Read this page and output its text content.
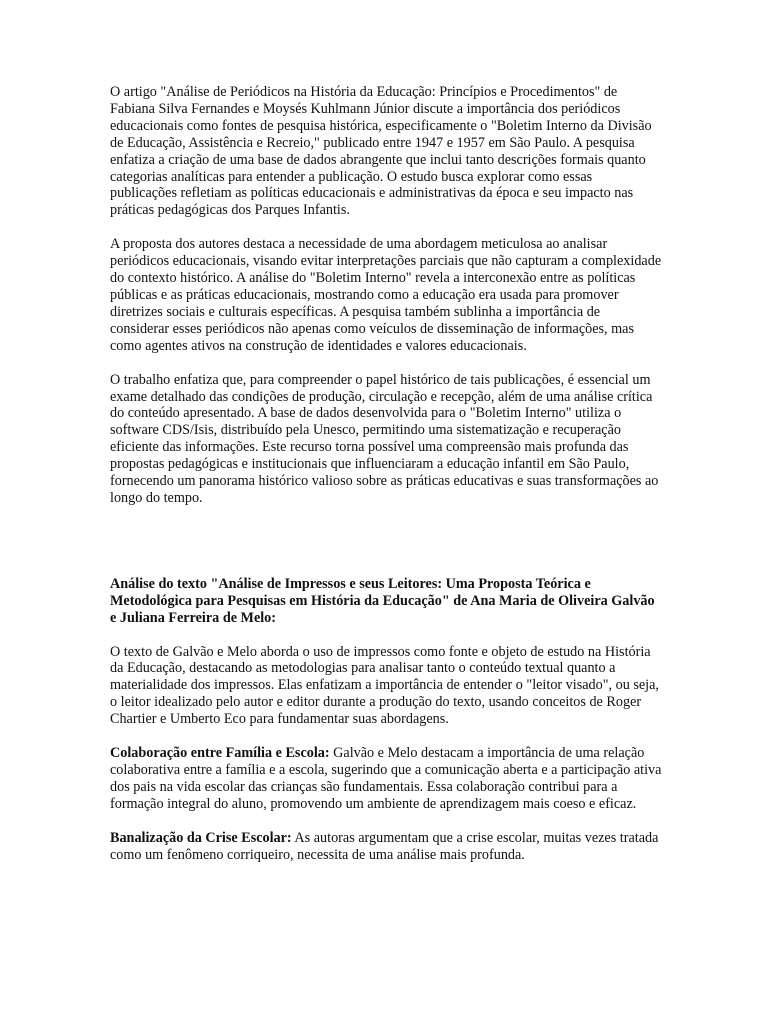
O artigo "Análise de Periódicos na História da Educação: Princípios e Procedimentos" de Fabiana Silva Fernandes e Moysés Kuhlmann Júnior discute a importância dos periódicos educacionais como fontes de pesquisa histórica, especificamente o "Boletim Interno da Divisão de Educação, Assistência e Recreio," publicado entre 1947 e 1957 em São Paulo. A pesquisa enfatiza a criação de uma base de dados abrangente que inclui tanto descrições formais quanto categorias analíticas para entender a publicação. O estudo busca explorar como essas publicações refletiam as políticas educacionais e administrativas da época e seu impacto nas práticas pedagógicas dos Parques Infantis.

A proposta dos autores destaca a necessidade de uma abordagem meticulosa ao analisar periódicos educacionais, visando evitar interpretações parciais que não capturam a complexidade do contexto histórico. A análise do "Boletim Interno" revela a interconexão entre as políticas públicas e as práticas educacionais, mostrando como a educação era usada para promover diretrizes sociais e culturais específicas. A pesquisa também sublinha a importância de considerar esses periódicos não apenas como veículos de disseminação de informações, mas como agentes ativos na construção de identidades e valores educacionais.

O trabalho enfatiza que, para compreender o papel histórico de tais publicações, é essencial um exame detalhado das condições de produção, circulação e recepção, além de uma análise crítica do conteúdo apresentado. A base de dados desenvolvida para o "Boletim Interno" utiliza o software CDS/Isis, distribuído pela Unesco, permitindo uma sistematização e recuperação eficiente das informações. Este recurso torna possível uma compreensão mais profunda das propostas pedagógicas e institucionais que influenciaram a educação infantil em São Paulo, fornecendo um panorama histórico valioso sobre as práticas educativas e suas transformações ao longo do tempo.

Análise do texto "Análise de Impressos e seus Leitores: Uma Proposta Teórica e Metodológica para Pesquisas em História da Educação" de Ana Maria de Oliveira Galvão e Juliana Ferreira de Melo:

O texto de Galvão e Melo aborda o uso de impressos como fonte e objeto de estudo na História da Educação, destacando as metodologias para analisar tanto o conteúdo textual quanto a materialidade dos impressos. Elas enfatizam a importância de entender o "leitor visado", ou seja, o leitor idealizado pelo autor e editor durante a produção do texto, usando conceitos de Roger Chartier e Umberto Eco para fundamentar suas abordagens.

Colaboração entre Família e Escola: Galvão e Melo destacam a importância de uma relação colaborativa entre a família e a escola, sugerindo que a comunicação aberta e a participação ativa dos pais na vida escolar das crianças são fundamentais. Essa colaboração contribui para a formação integral do aluno, promovendo um ambiente de aprendizagem mais coeso e eficaz.

Banalização da Crise Escolar: As autoras argumentam que a crise escolar, muitas vezes tratada como um fenômeno corriqueiro, necessita de uma análise mais profunda.
